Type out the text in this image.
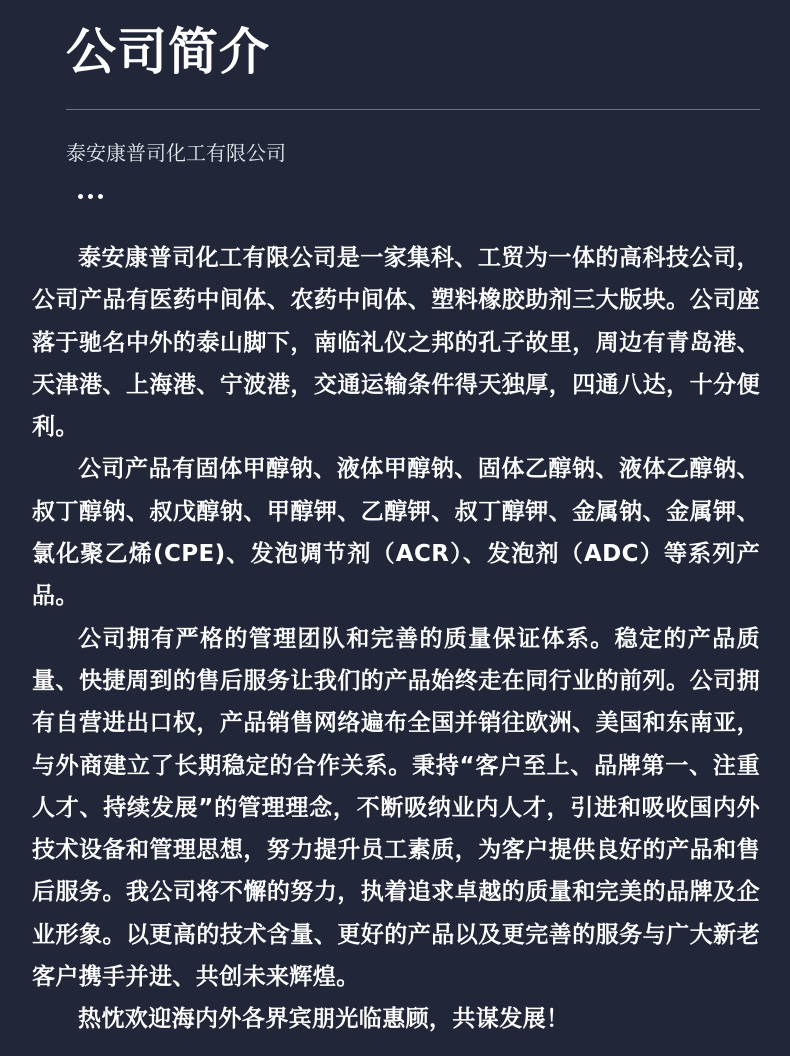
公司简介
泰安康普司化工有限公司

泰安康普司化工有限公司是一家集科、工贸为一体的高科技公司，公司产品有医药中间体、农药中间体、塑料橡胶助剂三大版块。公司座落于驰名中外的泰山脚下，南临礼仪之邦的孔子故里，周边有青岛港、天津港、上海港、宁波港，交通运输条件得天独厚，四通八达，十分便利。

公司产品有固体甲醇钠、液体甲醇钠、固体乙醇钠、液体乙醇钠、叔丁醇钠、叔戊醇钠、甲醇钾、乙醇钾、叔丁醇钾、金属钠、金属钾、氯化聚乙烯(CPE)、发泡调节剂（ACR）、发泡剂（ADC）等系列产品。

公司拥有严格的管理团队和完善的质量保证体系。稳定的产品质量、快捷周到的售后服务让我们的产品始终走在同行业的前列。公司拥有自营进出口权，产品销售网络遍布全国并销往欧洲、美国和东南亚，与外商建立了长期稳定的合作关系。秉持“客户至上、品牌第一、注重人才、持续发展”的管理理念，不断吸纳业内人才，引进和吸收国内外技术设备和管理思想，努力提升员工素质，为客户提供良好的产品和售后服务。我公司将不懈的努力，执着追求卓越的质量和完美的品牌及企业形象。以更高的技术含量、更好的产品以及更完善的服务与广大新老客户携手并进、共创未来辉煌。

热忱欢迎海内外各界宾朋光临惠顾，共谋发展！
